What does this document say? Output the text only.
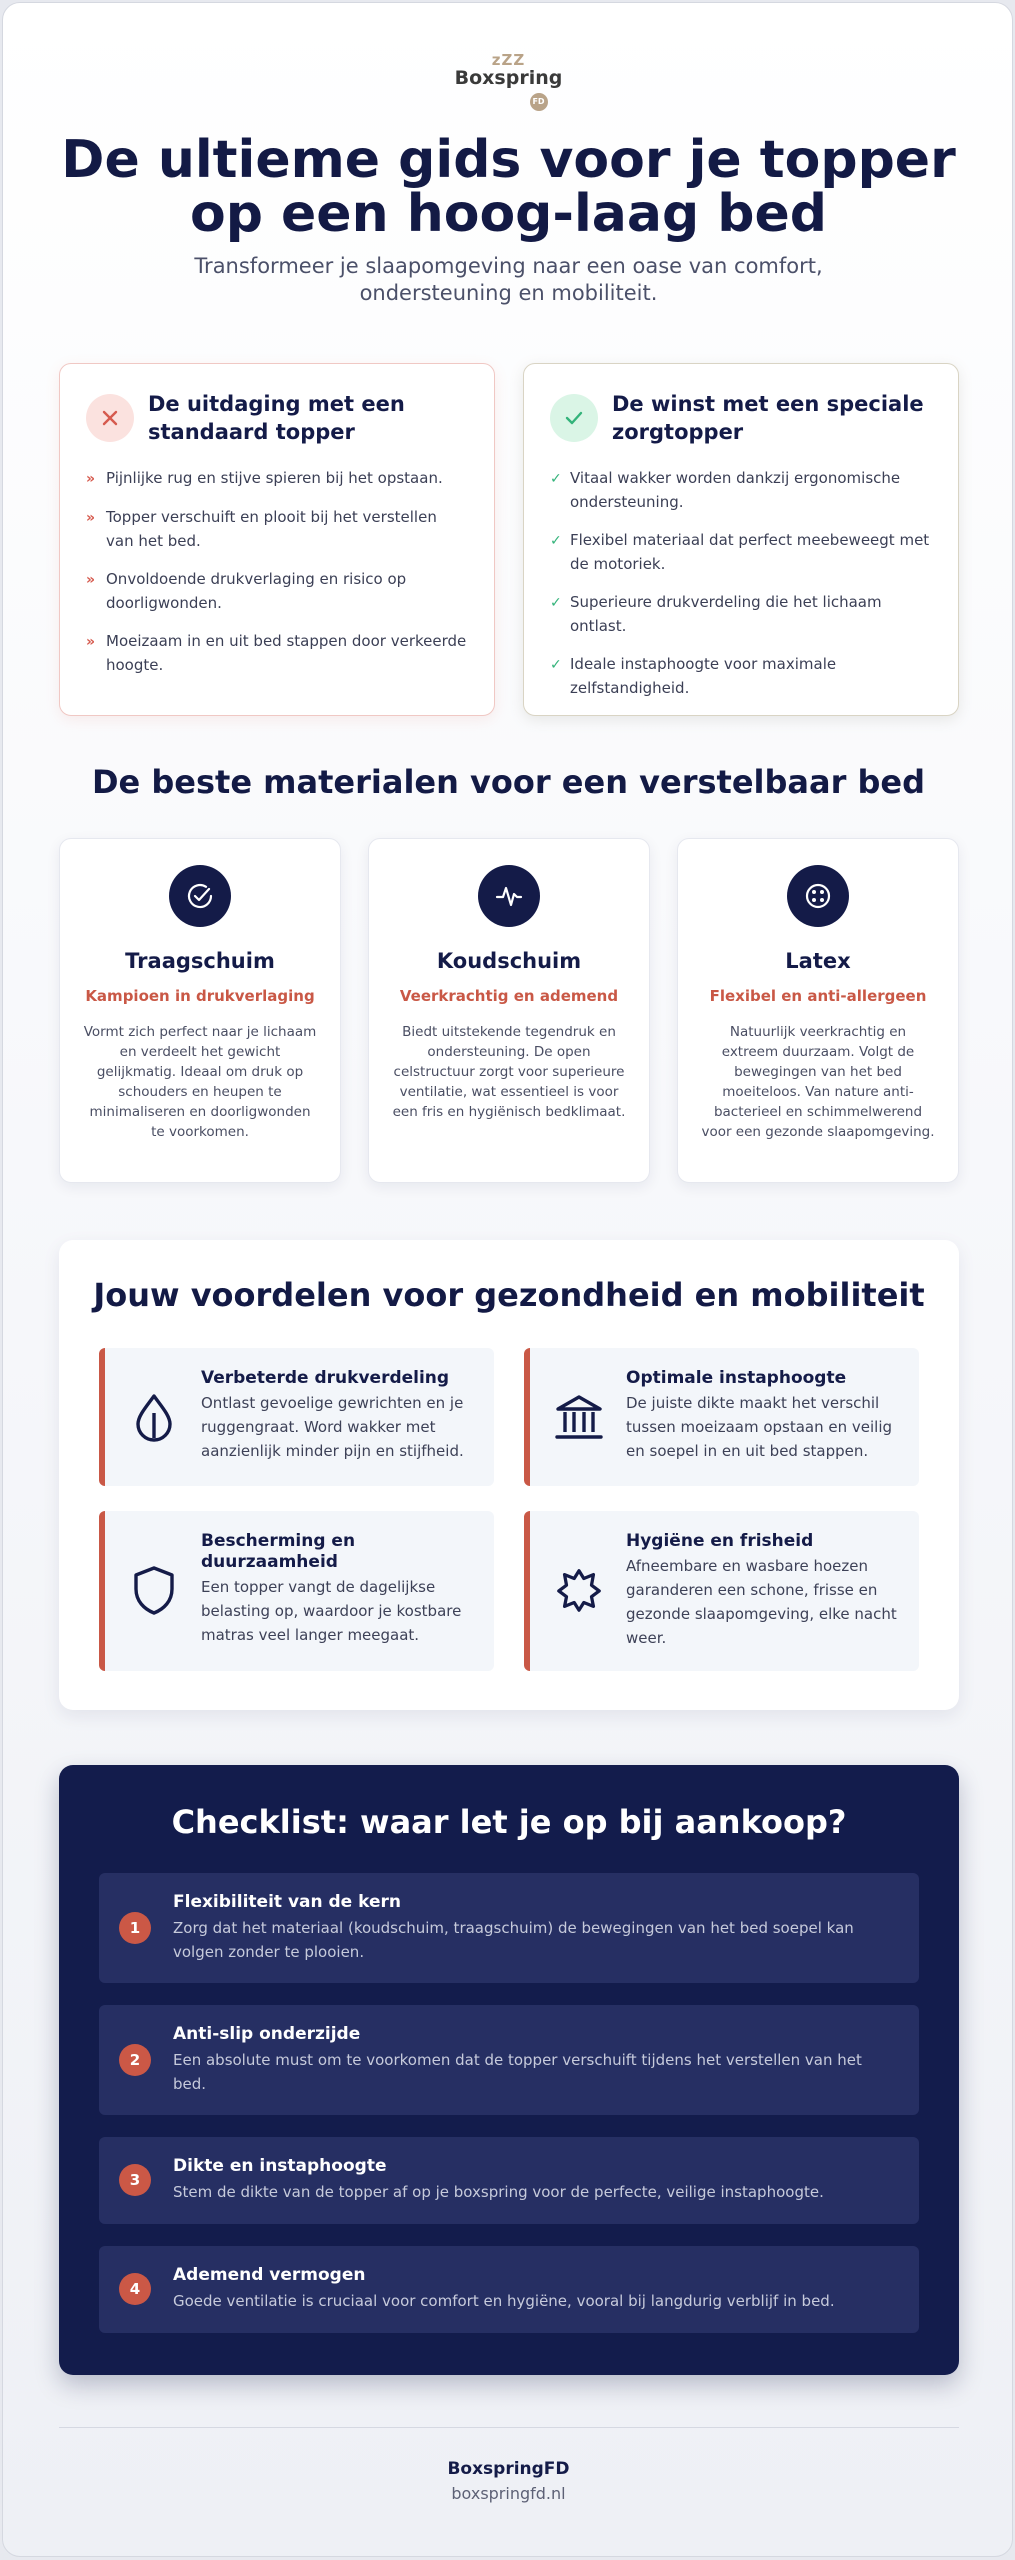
zZZ
Boxspring
FD
De ultieme gids voor je topper op een hoog-laag bed

Transformeer je slaapomgeving naar een oase van comfort, ondersteuning en mobiliteit.

De uitdaging met een standaard topper
» Pijnlijke rug en stijve spieren bij het opstaan.
» Topper verschuift en plooit bij het verstellen van het bed.
» Onvoldoende drukverlaging en risico op doorligwonden.
» Moeizaam in en uit bed stappen door verkeerde hoogte.
De winst met een speciale zorgtopper
✓ Vitaal wakker worden dankzij ergonomische ondersteuning.
✓ Flexibel materiaal dat perfect meebeweegt met de motoriek.
✓ Superieure drukverdeling die het lichaam ontlast.
✓ Ideale instaphoogte voor maximale zelfstandigheid.
De beste materialen voor een verstelbaar bed
Traagschuim
Kampioen in drukverlaging

Vormt zich perfect naar je lichaam en verdeelt het gewicht gelijkmatig. Ideaal om druk op schouders en heupen te minimaliseren en doorligwonden te voorkomen.

Koudschuim
Veerkrachtig en ademend

Biedt uitstekende tegendruk en ondersteuning. De open celstructuur zorgt voor superieure ventilatie, wat essentieel is voor een fris en hygiënisch bedklimaat.

Latex
Flexibel en anti-allergeen

Natuurlijk veerkrachtig en extreem duurzaam. Volgt de bewegingen van het bed moeiteloos. Van nature anti-bacterieel en schimmelwerend voor een gezonde slaapomgeving.

Jouw voordelen voor gezondheid en mobiliteit
Verbeterde drukverdeling

Ontlast gevoelige gewrichten en je ruggengraat. Word wakker met aanzienlijk minder pijn en stijfheid.

Optimale instaphoogte

De juiste dikte maakt het verschil tussen moeizaam opstaan en veilig en soepel in en uit bed stappen.

Bescherming en duurzaamheid

Een topper vangt de dagelijkse belasting op, waardoor je kostbare matras veel langer meegaat.

Hygiëne en frisheid

Afneembare en wasbare hoezen garanderen een schone, frisse en gezonde slaapomgeving, elke nacht weer.

Checklist: waar let je op bij aankoop?
1
Flexibiliteit van de kern

Zorg dat het materiaal (koudschuim, traagschuim) de bewegingen van het bed soepel kan volgen zonder te plooien.

2
Anti-slip onderzijde

Een absolute must om te voorkomen dat de topper verschuift tijdens het verstellen van het bed.

3
Dikte en instaphoogte

Stem de dikte van de topper af op je boxspring voor de perfecte, veilige instaphoogte.

4
Ademend vermogen

Goede ventilatie is cruciaal voor comfort en hygiëne, vooral bij langdurig verblijf in bed.

BoxspringFD
boxspringfd.nl
